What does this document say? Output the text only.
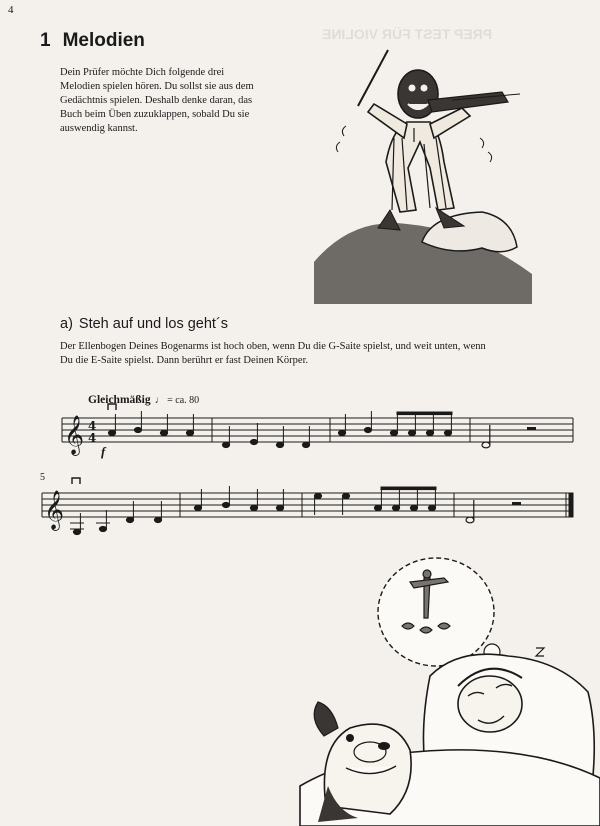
PREP TEST FÜR VIOLINE
4
1 Melodien

Dein Prüfer möchte Dich folgende drei

Melodien spielen hören. Du sollst sie aus dem

Gedächtnis spielen. Deshalb denke daran, das

Buch beim Üben zuzuklappen, sobald Du sie

auswendig kannst.

a) Steh auf und los geht´s
Der Ellenbogen Deines Bogenarms ist hoch oben, wenn Du die G-Saite spielst, und weit unten, wenn
Du die E-Saite spielst. Dann berührt er fast Deinen Körper.
Gleichmäßig ♩ = ca. 80
𝄞 4
4
f
5
𝄞
